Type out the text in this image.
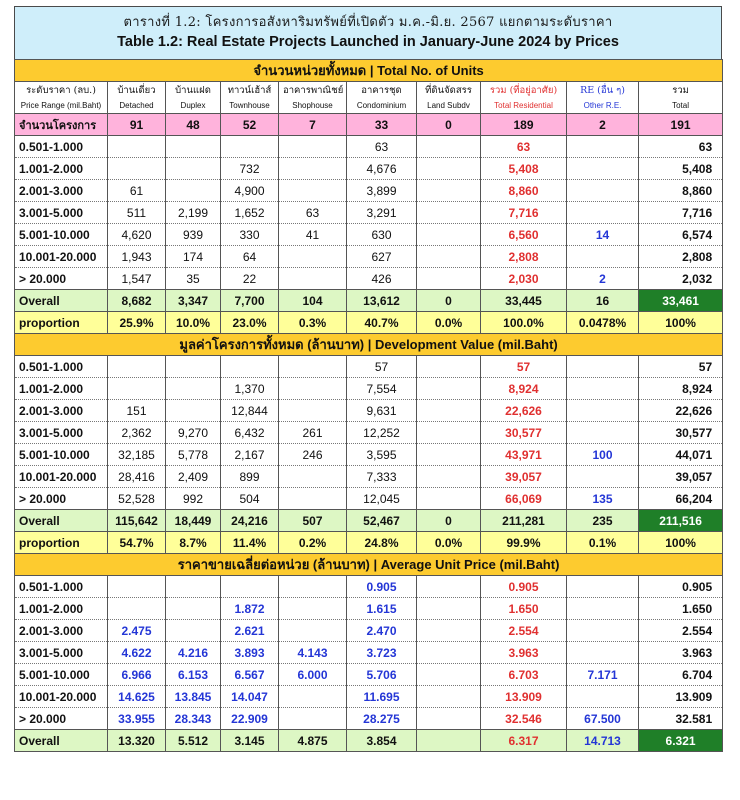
ตารางที่ 1.2: โครงการอสังหาริมทรัพย์ที่เปิดตัว ม.ค.-มิ.ย. 2567 แยกตามระดับราคา
Table 1.2: Real Estate Projects Launched in January-June 2024 by Prices
จำนวนหน่วยทั้งหมด | Total No. of Units									
ระดับราคา (ลบ.)	บ้านเดี่ยว	บ้านแฝด	ทาวน์เฮ้าส์	อาคารพาณิชย์	อาคารชุด	ที่ดินจัดสรร	รวม (ที่อยู่อาศัย)	RE (อื่น ๆ)	รวม
Price Range (mil.Baht)	Detached	Duplex	Townhouse	Shophouse	Condominium	Land Subdv	Total Residential	Other R.E.	Total
จำนวนโครงการ	91	48	52	7	33	0	189	2	191
0.501-1.000					63		63		63
1.001-2.000			732		4,676		5,408		5,408
2.001-3.000	61		4,900		3,899		8,860		8,860
3.001-5.000	511	2,199	1,652	63	3,291		7,716		7,716
5.001-10.000	4,620	939	330	41	630		6,560	14	6,574
10.001-20.000	1,943	174	64		627		2,808		2,808
> 20.000	1,547	35	22		426		2,030	2	2,032
Overall	8,682	3,347	7,700	104	13,612	0	33,445	16	33,461
proportion	25.9%	10.0%	23.0%	0.3%	40.7%	0.0%	100.0%	0.0478%	100%
มูลค่าโครงการทั้งหมด (ล้านบาท) | Development Value (mil.Baht)									
0.501-1.000					57		57		57
1.001-2.000			1,370		7,554		8,924		8,924
2.001-3.000	151		12,844		9,631		22,626		22,626
3.001-5.000	2,362	9,270	6,432	261	12,252		30,577		30,577
5.001-10.000	32,185	5,778	2,167	246	3,595		43,971	100	44,071
10.001-20.000	28,416	2,409	899		7,333		39,057		39,057
> 20.000	52,528	992	504		12,045		66,069	135	66,204
Overall	115,642	18,449	24,216	507	52,467	0	211,281	235	211,516
proportion	54.7%	8.7%	11.4%	0.2%	24.8%	0.0%	99.9%	0.1%	100%
ราคาขายเฉลี่ยต่อหน่วย (ล้านบาท) | Average Unit Price (mil.Baht)									
0.501-1.000					0.905		0.905		0.905
1.001-2.000			1.872		1.615		1.650		1.650
2.001-3.000	2.475		2.621		2.470		2.554		2.554
3.001-5.000	4.622	4.216	3.893	4.143	3.723		3.963		3.963
5.001-10.000	6.966	6.153	6.567	6.000	5.706		6.703	7.171	6.704
10.001-20.000	14.625	13.845	14.047		11.695		13.909		13.909
> 20.000	33.955	28.343	22.909		28.275		32.546	67.500	32.581
Overall	13.320	5.512	3.145	4.875	3.854		6.317	14.713	6.321
